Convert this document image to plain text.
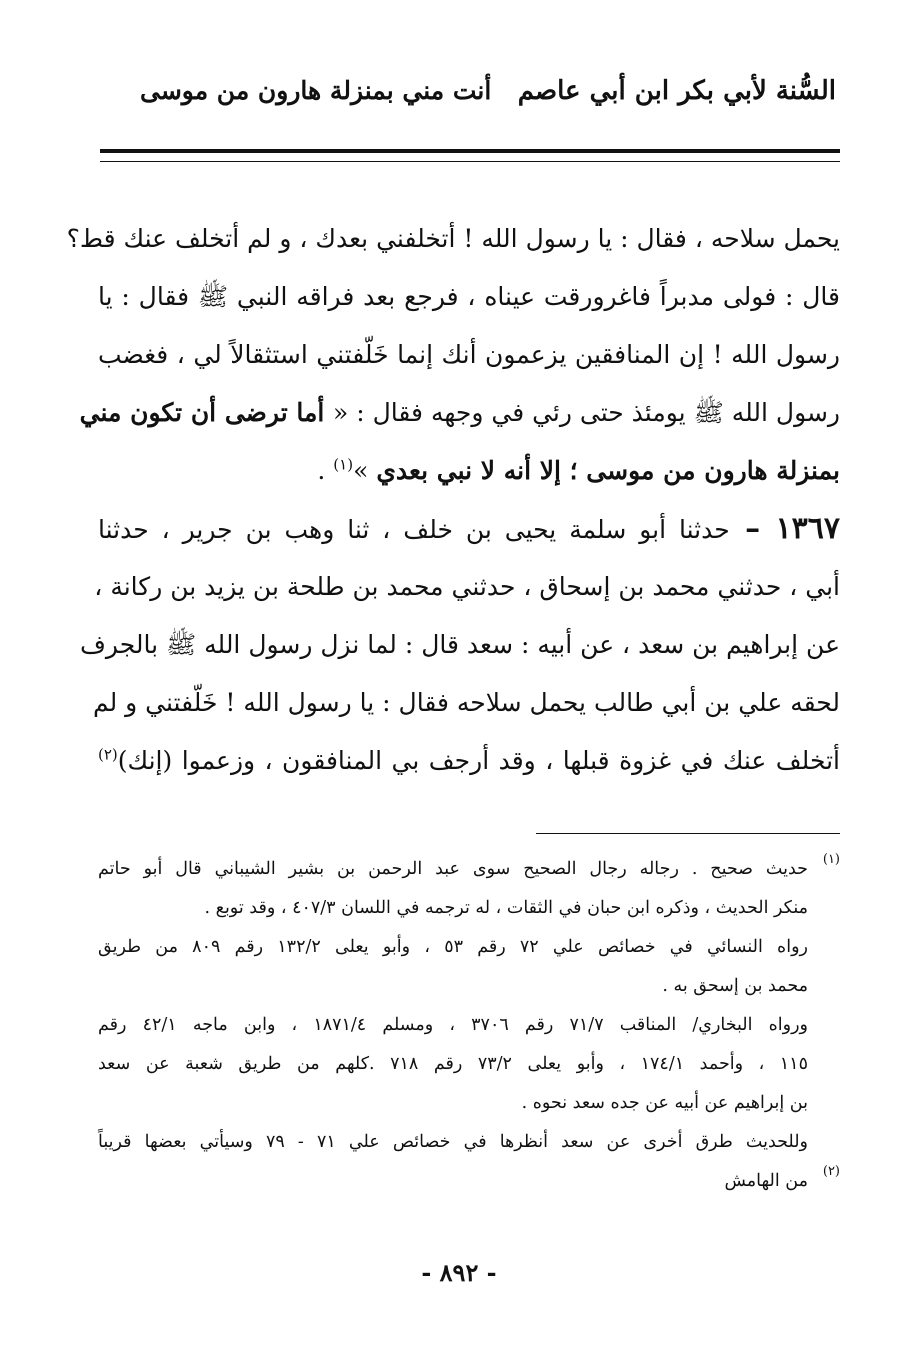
السُّنة لأبي بكر ابن أبي عاصم
أنت مني بمنزلة هارون من موسى
يحمل سلاحه ، فقال : يا رسول الله ! أتخلفني بعدك ، و لم أتخلف عنك قط؟
قال : فولى مدبراً فاغرورقت عيناه ، فرجع بعد فراقه النبي ﷺ فقال : يا
رسول الله ! إن المنافقين يزعمون أنك إنما خَلّفتني استثقالاً لي ، فغضب
رسول الله ﷺ يومئذ حتى رئي في وجهه فقال : « أما ترضى أن تكون مني
بمنزلة هارون من موسى ؛ إلا أنه لا نبي بعدي »$^{(١)}$ .
١٣٦٧ – حدثنا أبو سلمة يحيى بن خلف ، ثنا وهب بن جرير ، حدثنا
أبي ، حدثني محمد بن إسحاق ، حدثني محمد بن طلحة بن يزيد بن ركانة ،
عن إبراهيم بن سعد ، عن أبيه : سعد قال : لما نزل رسول الله ﷺ بالجرف
لحقه علي بن أبي طالب يحمل سلاحه فقال : يا رسول الله ! خَلّفتني و لم
أتخلف عنك في غزوة قبلها ، وقد أرجف بي المنافقون ، وزعموا (إنك)$^{(٢)}$
(١)
حديث صحيح . رجاله رجال الصحيح سوى عبد الرحمن بن بشير الشيباني قال أبو حاتم
منكر الحديث ، وذكره ابن حبان في الثقات ، له ترجمه في اللسان ٤٠٧/٣ ، وقد توبع .
رواه النسائي في خصائص علي ٧٢ رقم ٥٣ ، وأبو يعلى ١٣٢/٢ رقم ٨٠٩ من طريق
محمد بن إسحق به .
ورواه البخاري/ المناقب ٧١/٧ رقم ٣٧٠٦ ، ومسلم ١٨٧١/٤ ، وابن ماجه ٤٢/١ رقم
١١٥ ، وأحمد ١٧٤/١ ، وأبو يعلى ٧٣/٢ رقم ٧١٨ .كلهم من طريق شعبة عن سعد
بن إبراهيم عن أبيه عن جده سعد نحوه .
وللحديث طرق أخرى عن سعد أنظرها في خصائص علي ٧١ - ٧٩ وسيأتي بعضها قريباً
(٢)
من الهامش
- ٨٩٢ -
